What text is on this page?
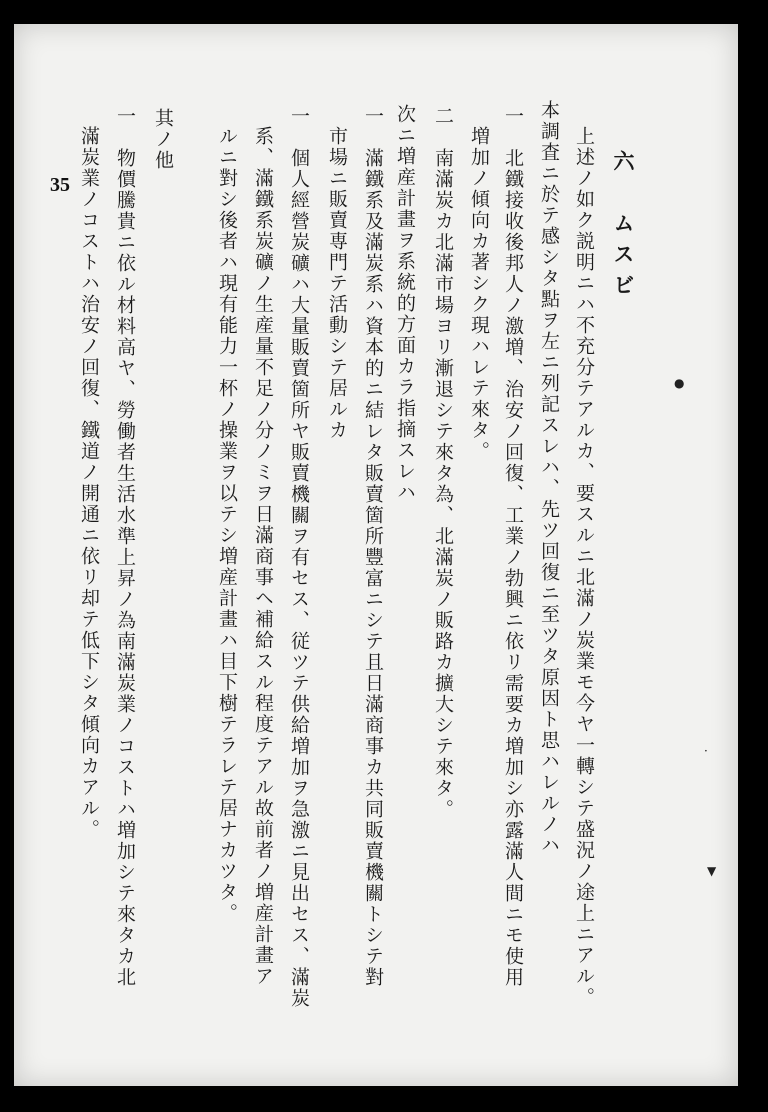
六　ムスビ
上述ノ如ク説明ニハ不充分テアルカ、要スルニ北滿ノ炭業モ今ヤ一轉シテ盛況ノ途上ニアル。
本調査ニ於テ感シタ點ヲ左ニ列記スレハ、先ツ回復ニ至ツタ原因ト思ハレルノハ
一　北鐵接收後邦人ノ激増、治安ノ回復、工業ノ勃興ニ依リ需要カ増加シ亦露滿人間ニモ使用
増加ノ傾向カ著シク現ハレテ來タ。
二　南滿炭カ北滿市場ヨリ漸退シテ來タ為、北滿炭ノ販路カ擴大シテ來タ。
次ニ増産計畫ヲ系統的方面カラ指摘スレハ
一　滿鐵系及滿炭系ハ資本的ニ結レタ販賣箇所豐富ニシテ且日滿商事カ共同販賣機關トシテ對
市場ニ販賣専門テ活動シテ居ルカ
一　個人經營炭礦ハ大量販賣箇所ヤ販賣機關ヲ有セス、従ツテ供給増加ヲ急激ニ見出セス、滿炭
系、滿鐵系炭礦ノ生産量不足ノ分ノミヲ日滿商事ヘ補給スル程度テアル故前者ノ増産計畫ア
ルニ對シ後者ハ現有能力一杯ノ操業ヲ以テシ増産計畫ハ目下樹テラレテ居ナカツタ。
其ノ他
一　物價騰貴ニ依ル材料高ヤ、勞働者生活水準上昇ノ為南滿炭業ノコストハ増加シテ來タカ北
滿炭業ノコストハ治安ノ回復、鐵道ノ開通ニ依リ却テ低下シタ傾向カアル。
35
▼
●
·
